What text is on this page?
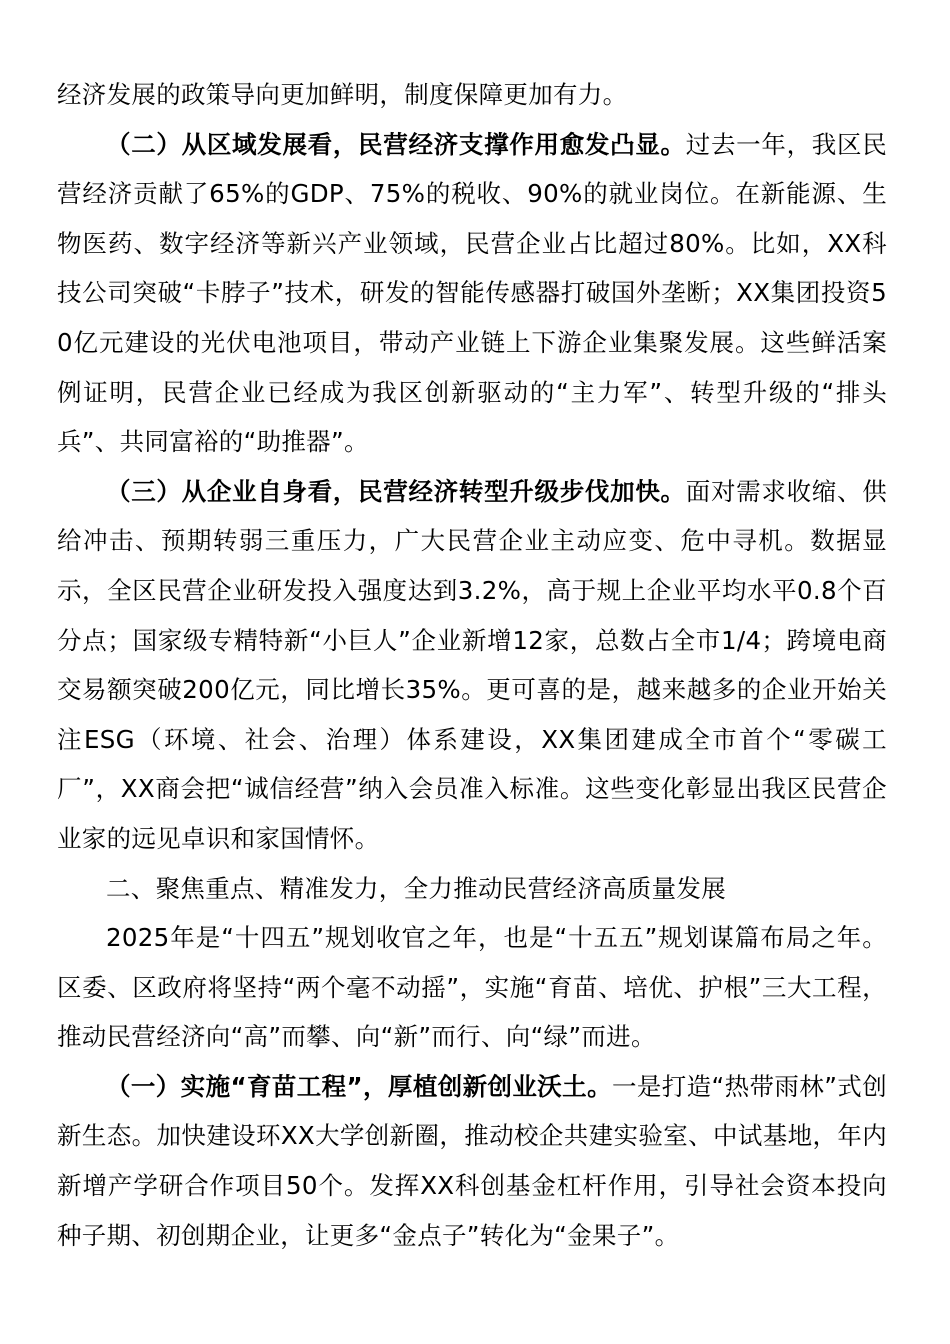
经济发展的政策导向更加鲜明，制度保障更加有力。

（二）从区域发展看，民营经济支撑作用愈发凸显。过去一年，我区民营经济贡献了65%的GDP、75%的税收、90%的就业岗位。在新能源、生物医药、数字经济等新兴产业领域，民营企业占比超过80%。比如，XX科技公司突破“卡脖子”技术，研发的智能传感器打破国外垄断；XX集团投资50亿元建设的光伏电池项目，带动产业链上下游企业集聚发展。这些鲜活案例证明，民营企业已经成为我区创新驱动的“主力军”、转型升级的“排头兵”、共同富裕的“助推器”。

（三）从企业自身看，民营经济转型升级步伐加快。面对需求收缩、供给冲击、预期转弱三重压力，广大民营企业主动应变、危中寻机。数据显示，全区民营企业研发投入强度达到3.2%，高于规上企业平均水平0.8个百分点；国家级专精特新“小巨人”企业新增12家，总数占全市1/4；跨境电商交易额突破200亿元，同比增长35%。更可喜的是，越来越多的企业开始关注ESG（环境、社会、治理）体系建设，XX集团建成全市首个“零碳工厂”，XX商会把“诚信经营”纳入会员准入标准。这些变化彰显出我区民营企业家的远见卓识和家国情怀。

二、聚焦重点、精准发力，全力推动民营经济高质量发展

2025年是“十四五”规划收官之年，也是“十五五”规划谋篇布局之年。区委、区政府将坚持“两个毫不动摇”，实施“育苗、培优、护根”三大工程，推动民营经济向“高”而攀、向“新”而行、向“绿”而进。

（一）实施“育苗工程”，厚植创新创业沃土。一是打造“热带雨林”式创新生态。加快建设环XX大学创新圈，推动校企共建实验室、中试基地，年内新增产学研合作项目50个。发挥XX科创基金杠杆作用，引导社会资本投向种子期、初创期企业，让更多“金点子”转化为“金果子”。
